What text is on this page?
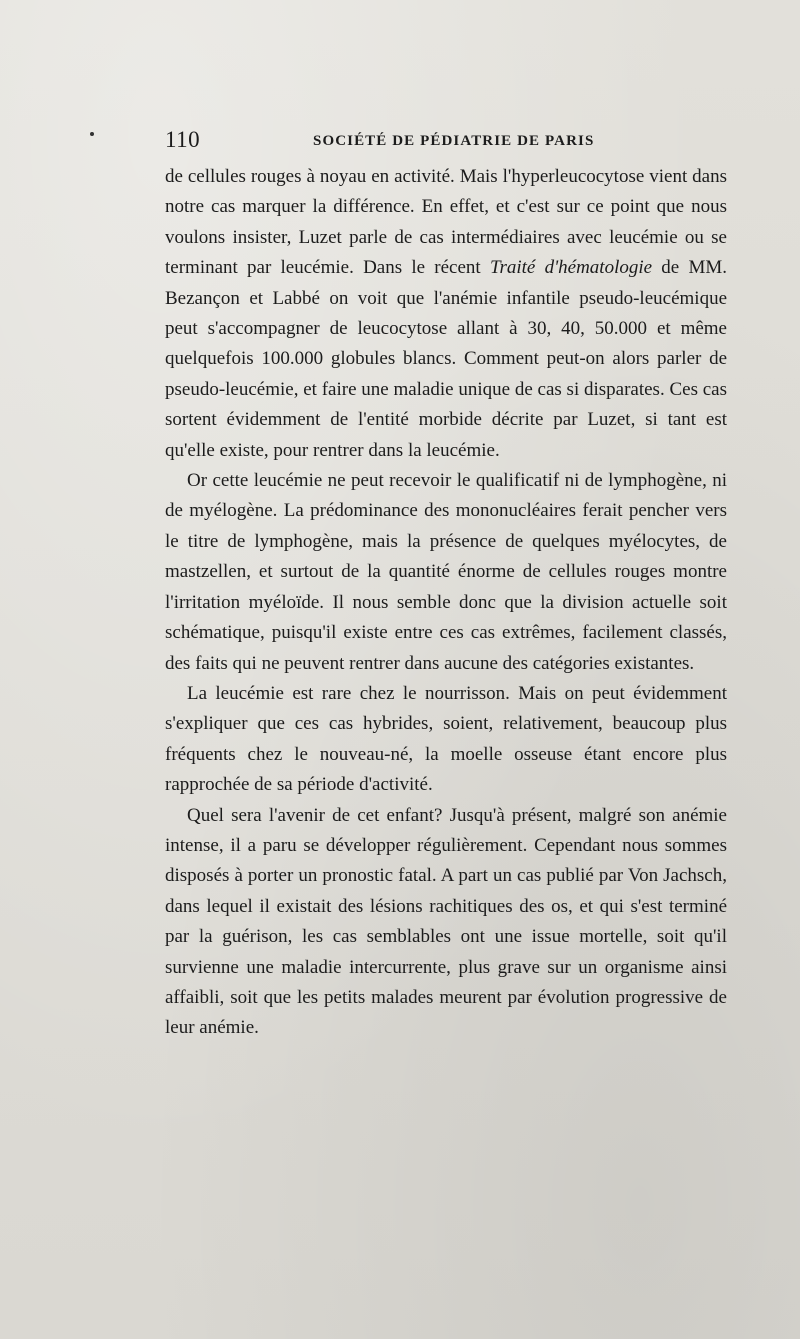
110	SOCIÉTÉ DE PÉDIATRIE DE PARIS

de cellules rouges à noyau en activité. Mais l'hyperleucocytose vient dans notre cas marquer la différence. En effet, et c'est sur ce point que nous voulons insister, Luzet parle de cas intermédiaires avec leucémie ou se terminant par leucémie. Dans le récent Traité d'hématologie de MM. Bezançon et Labbé on voit que l'anémie infantile pseudo-leucémique peut s'accompagner de leucocytose allant à 30, 40, 50.000 et même quelquefois 100.000 globules blancs. Comment peut-on alors parler de pseudo-leucémie, et faire une maladie unique de cas si disparates. Ces cas sortent évidemment de l'entité morbide décrite par Luzet, si tant est qu'elle existe, pour rentrer dans la leucémie.

Or cette leucémie ne peut recevoir le qualificatif ni de lymphogène, ni de myélogène. La prédominance des mononucléaires ferait pencher vers le titre de lymphogène, mais la présence de quelques myélocytes, de mastzellen, et surtout de la quantité énorme de cellules rouges montre l'irritation myéloïde. Il nous semble donc que la division actuelle soit schématique, puisqu'il existe entre ces cas extrêmes, facilement classés, des faits qui ne peuvent rentrer dans aucune des catégories existantes.

La leucémie est rare chez le nourrisson. Mais on peut évidemment s'expliquer que ces cas hybrides, soient, relativement, beaucoup plus fréquents chez le nouveau-né, la moelle osseuse étant encore plus rapprochée de sa période d'activité.

Quel sera l'avenir de cet enfant? Jusqu'à présent, malgré son anémie intense, il a paru se développer régulièrement. Cependant nous sommes disposés à porter un pronostic fatal. A part un cas publié par Von Jachsch, dans lequel il existait des lésions rachitiques des os, et qui s'est terminé par la guérison, les cas semblables ont une issue mortelle, soit qu'il survienne une maladie intercurrente, plus grave sur un organisme ainsi affaibli, soit que les petits malades meurent par évolution progressive de leur anémie.
